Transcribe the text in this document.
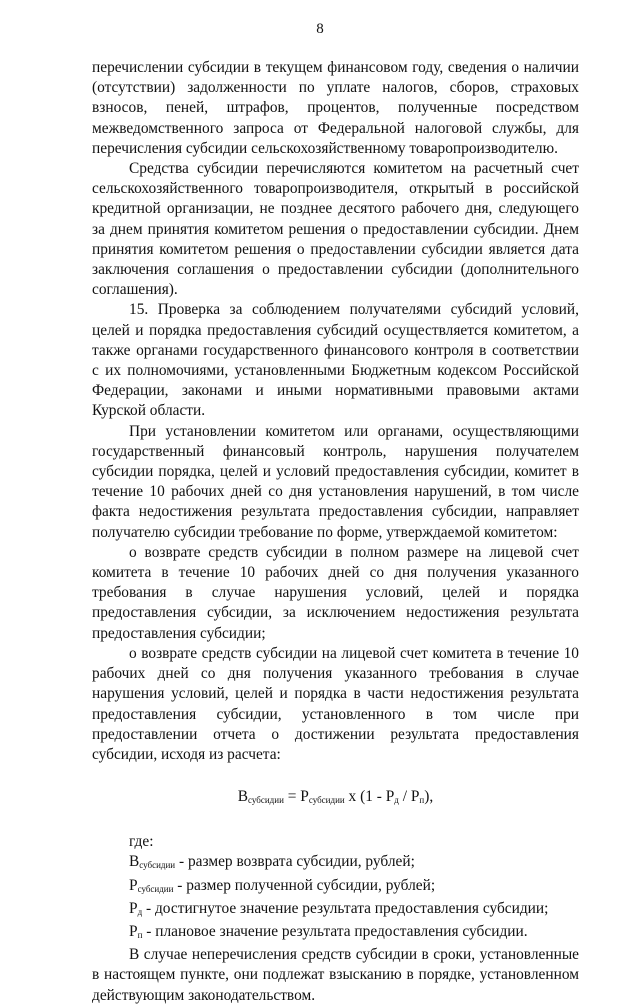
8

перечислении субсидии в текущем финансовом году, сведения о наличии (отсутствии) задолженности по уплате налогов, сборов, страховых взносов, пеней, штрафов, процентов, полученные посредством межведомственного запроса от Федеральной налоговой службы, для перечисления субсидии сельскохозяйственному товаропроизводителю.

Средства субсидии перечисляются комитетом на расчетный счет сельскохозяйственного товаропроизводителя, открытый в российской кредитной организации, не позднее десятого рабочего дня, следующего за днем принятия комитетом решения о предоставлении субсидии. Днем принятия комитетом решения о предоставлении субсидии является дата заключения соглашения о предоставлении субсидии (дополнительного соглашения).

15. Проверка за соблюдением получателями субсидий условий, целей и порядка предоставления субсидий осуществляется комитетом, а также органами государственного финансового контроля в соответствии с их полномочиями, установленными Бюджетным кодексом Российской Федерации, законами и иными нормативными правовыми актами Курской области.

При установлении комитетом или органами, осуществляющими государственный финансовый контроль, нарушения получателем субсидии порядка, целей и условий предоставления субсидии, комитет в течение 10 рабочих дней со дня установления нарушений, в том числе факта недостижения результата предоставления субсидии, направляет получателю субсидии требование по форме, утверждаемой комитетом:

о возврате средств субсидии в полном размере на лицевой счет комитета в течение 10 рабочих дней со дня получения указанного требования в случае нарушения условий, целей и порядка предоставления субсидии, за исключением недостижения результата предоставления субсидии;

о возврате средств субсидии на лицевой счет комитета в течение 10 рабочих дней со дня получения указанного требования в случае нарушения условий, целей и порядка в части недостижения результата предоставления субсидии, установленного в том числе при предоставлении отчета о достижении результата предоставления субсидии, исходя из расчета:

$В_{субсидии} = Р_{субсидии}$ x $(1 - Р_д / Р_п)$,

где:

$В_{субсидии}$ - размер возврата субсидии, рублей;

$Р_{субсидии}$ - размер полученной субсидии, рублей;

$Р_д$ - достигнутое значение результата предоставления субсидии;

$Р_п$ - плановое значение результата предоставления субсидии.

В случае неперечисления средств субсидии в сроки, установленные в настоящем пункте, они подлежат взысканию в порядке, установленном действующим законодательством.
